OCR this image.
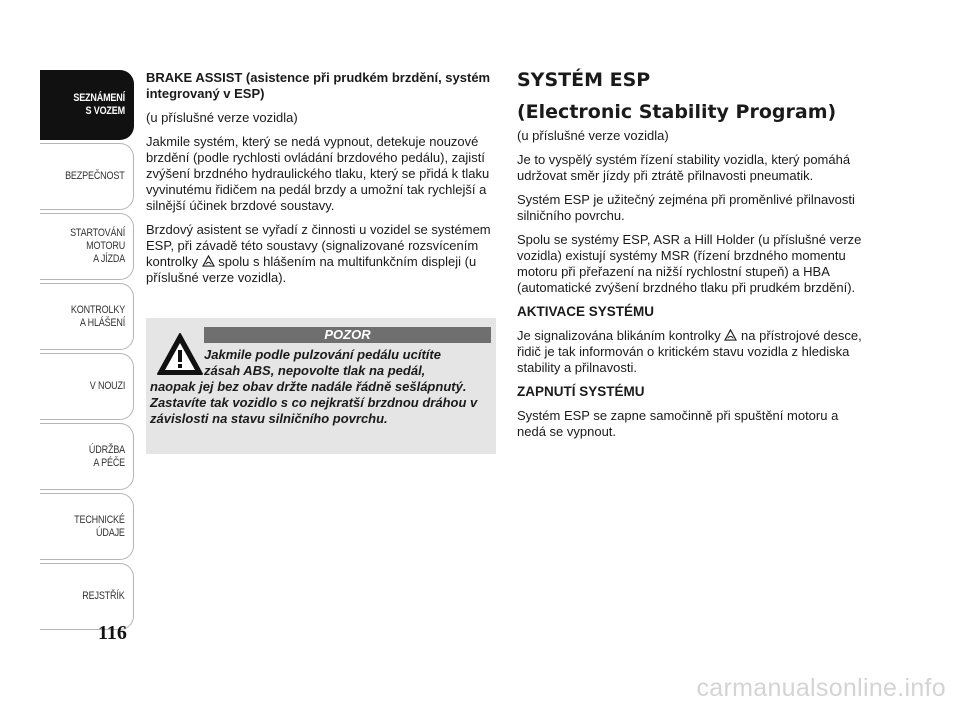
SEZNÁMENÍ
S VOZEM
BEZPEČNOST
STARTOVÁNÍ
MOTORU
A JÍZDA
KONTROLKY
A HLÁŠENÍ
V NOUZI
ÚDRŽBA
A PÉČE
TECHNICKÉ
ÚDAJE
REJSTŘÍK
116

BRAKE ASSIST (asistence při prudkém brzdění, systém integrovaný v ESP)

(u příslušné verze vozidla)

Jakmile systém, který se nedá vypnout, detekuje nouzové brzdění (podle rychlosti ovládání brzdového pedálu), zajistí zvýšení brzdného hydraulického tlaku, který se přidá k tlaku vyvinutému řidičem na pedál brzdy a umožní tak rychlejší a silnější účinek brzdové soustavy.

Brzdový asistent se vyřadí z činnosti u vozidel se systémem ESP, při závadě této soustavy (signalizované rozsvícením kontrolky spolu s hlášením na multifunkčním displeji (u příslušné verze vozidla).

POZOR
Jakmile podle pulzování pedálu ucítíte
zásah ABS, nepovolte tlak na pedál,
naopak jej bez obav držte nadále řádně sešlápnutý. Zastavíte tak vozidlo s co nejkratší brzdnou dráhou v závislosti na stavu silničního povrchu.

SYSTÉM ESP

(Electronic Stability Program)

(u příslušné verze vozidla)

Je to vyspělý systém řízení stability vozidla, který pomáhá udržovat směr jízdy při ztrátě přilnavosti pneumatik.

Systém ESP je užitečný zejména při proměnlivé přilnavosti silničního povrchu.

Spolu se systémy ESP, ASR a Hill Holder (u příslušné verze vozidla) existují systémy MSR (řízení brzdného momentu motoru při přeřazení na nižší rychlostní stupeň) a HBA (automatické zvýšení brzdného tlaku při prudkém brzdění).

AKTIVACE SYSTÉMU

Je signalizována blikáním kontrolky na přístrojové desce, řidič je tak informován o kritickém stavu vozidla z hlediska stability a přilnavosti.

ZAPNUTÍ SYSTÉMU

Systém ESP se zapne samočinně při spuštění motoru a nedá se vypnout.

carmanualsonline.info
